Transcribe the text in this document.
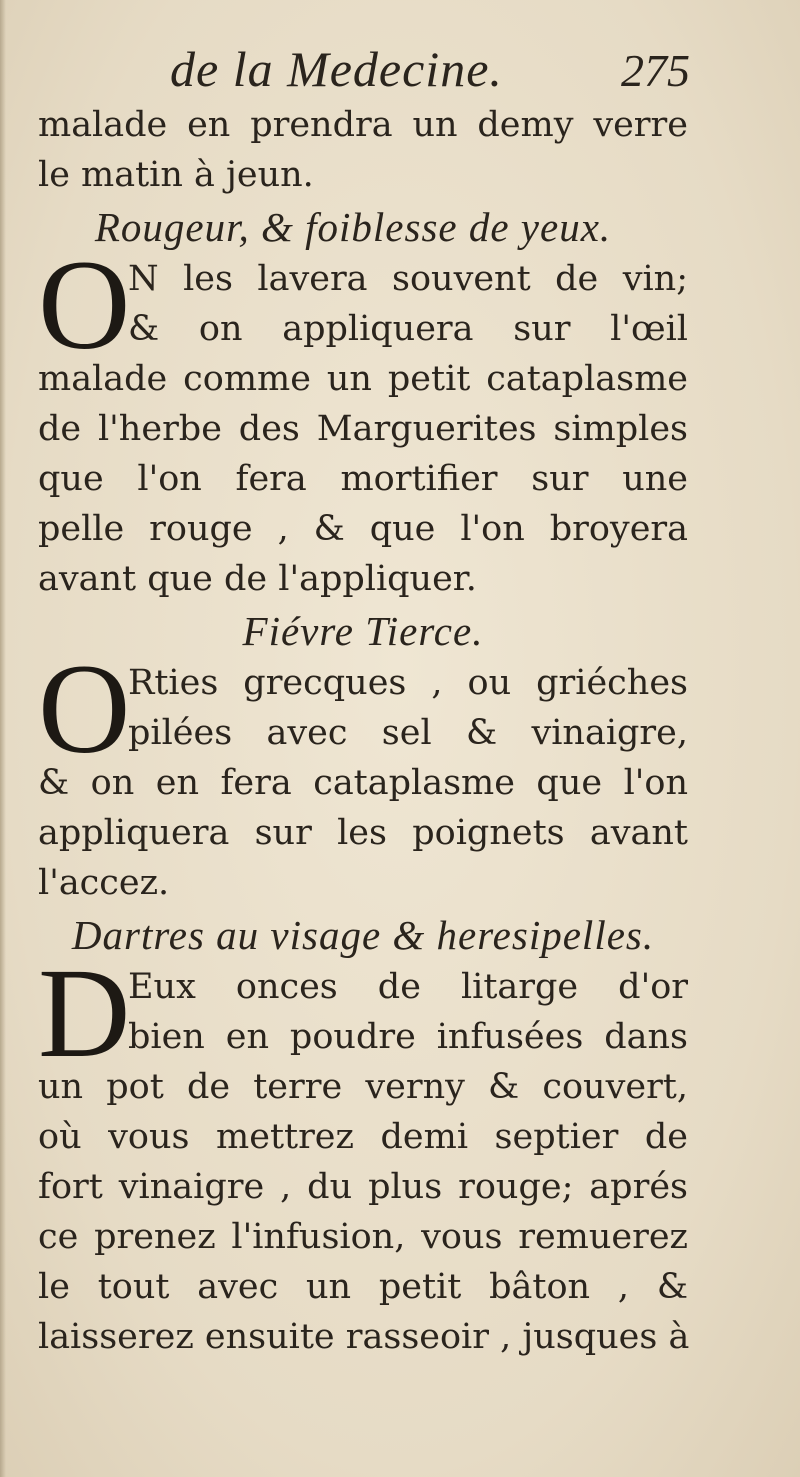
de la Medecine.	275
malade en prendra un demy verre
le matin à jeun.
Rougeur, & foiblesse de yeux.
O
N les lavera souvent de vin;
& on appliquera sur l'œil
malade comme un petit cataplasme
de l'herbe des Marguerites simples
que l'on fera mortifier sur une
pelle rouge , & que l'on broyera
avant que de l'appliquer.
Fiévre Tierce.
O
Rties grecques , ou griéches
pilées avec sel & vinaigre,
& on en fera cataplasme que l'on
appliquera sur les poignets avant
l'accez.
Dartres au visage & heresipelles.
D
Eux onces de litarge d'or
bien en poudre infusées dans
un pot de terre verny & couvert,
où vous mettrez demi septier de
fort vinaigre , du plus rouge; aprés
ce prenez l'infusion, vous remuerez
le tout avec un petit bâton , &
laisserez ensuite rasseoir , jusques à
